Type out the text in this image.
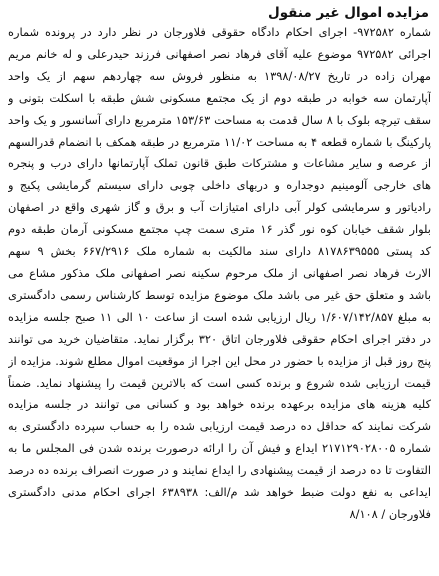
مزایده اموال غیر منقول
شماره ۹۷۲۵۸۲- اجرای احکام دادگاه حقوقی فلاورجان در نظر دارد در پرونده شماره
اجرائی ۹۷۲۵۸۲ موضوع علیه آقای فرهاد نصر اصفهانی فرزند حیدرعلی و له خانم مریم
مهران زاده در تاریخ ۱۳۹۸/۰۸/۲۷ به منظور فروش سه چهاردهم سهم از یک واحد
آپارتمان سه خوابه در طبقه دوم از یک مجتمع مسکونی شش طبقه با اسکلت بتونی و
سقف تیرچه بلوک با ۸ سال قدمت به مساحت ۱۵۳/۶۳ مترمربع دارای آسانسور و یک واحد
پارکینگ با شماره قطعه ۴ به مساحت ۱۱/۰۲ مترمربع در طبقه همکف با انضمام قدرالسهم
از عرصه و سایر مشاعات و مشترکات طبق قانون تملک آپارتمانها دارای درب و پنجره
های خارجی آلومینیم دوجداره و دربهای داخلی چوبی دارای سیستم گرمایشی پکیج و
رادیاتور و سرمایشی کولر آبی دارای امتیازات آب و برق و گاز شهری واقع در اصفهان
بلوار شقف خیابان کوه نور گذر ۱۶ متری سمت چپ مجتمع مسکونی آرمان طبقه دوم
کد پستی ۸۱۷۸۶۳۹۵۵۵ دارای سند مالکیت به شماره ملک ۶۶۷/۲۹۱۶ بخش ۹ سهم
الارث فرهاد نصر اصفهانی از ملک مرحوم سکینه نصر اصفهانی ملک مذکور مشاع می
باشد و متعلق حق غیر می باشد ملک موضوع مزایده توسط کارشناس رسمی دادگستری
به مبلغ ۱/۶۰۷/۱۴۲/۸۵۷ ریال ارزیابی شده است از ساعت ۱۰ الی ۱۱ صبح جلسه مزایده
در دفتر اجرای احکام حقوقی فلاورجان اتاق ۳۲۰ برگزار نماید. متقاضیان خرید می توانند
پنج روز قبل از مزایده با حضور در محل این اجرا از موقعیت اموال مطلع شوند. مزایده از
قیمت ارزیابی شده شروع و برنده کسی است که بالاترین قیمت را پیشنهاد نماید. ضمناً
کلیه هزینه های مزایده برعهده برنده خواهد بود و کسانی می توانند در جلسه مزایده
شرکت نمایند که حداقل ده درصد قیمت ارزیابی شده را به حساب سپرده دادگستری به
شماره ۲۱۷۱۲۹۰۲۸۰۰۵ ایداع و فیش آن را ارائه درصورت برنده شدن فی المجلس ما به
التفاوت تا ده درصد از قیمت پیشنهادی را ایداع نمایند و در صورت انصراف برنده ده درصد
ایداعی به نفع دولت ضبط خواهد شد م/الف: ۶۳۸۹۳۸ اجرای احکام مدنی دادگستری
فلاورجان / ۸/۱۰۸
